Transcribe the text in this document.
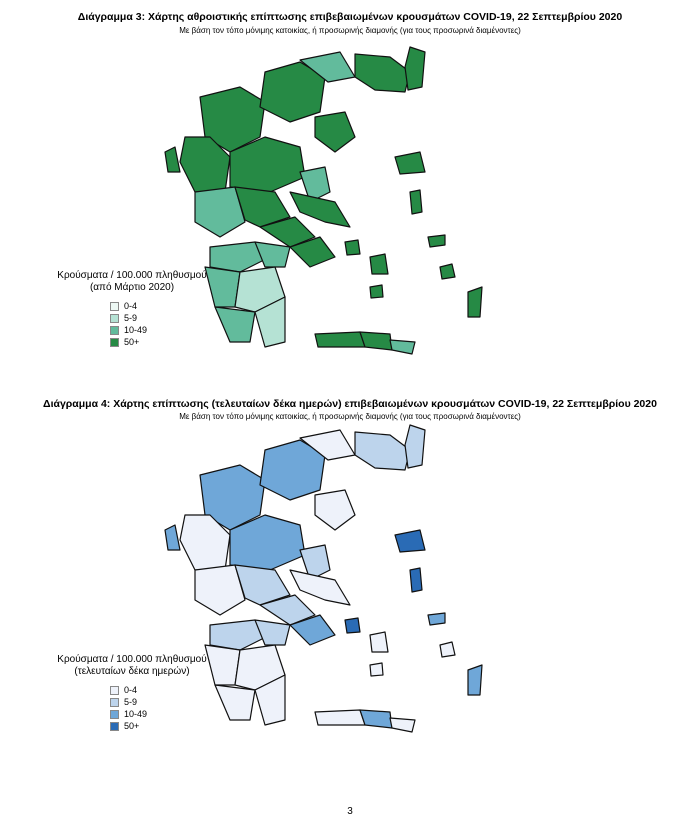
Διάγραμμα 3: Χάρτης αθροιστικής επίπτωσης επιβεβαιωμένων κρουσμάτων COVID-19, 22 Σεπτεμβρίου 2020
Με βάση τον τόπο μόνιμης κατοικίας, ή προσωρινής διαμονής (για τους προσωρινά διαμένοντες)
Κρούσματα / 100.000 πληθυσμού
(από Μάρτιο 2020)
0-4
5-9
10-49
50+
Διάγραμμα 4: Χάρτης επίπτωσης (τελευταίων δέκα ημερών) επιβεβαιωμένων κρουσμάτων COVID-19, 22 Σεπτεμβρίου 2020
Με βάση τον τόπο μόνιμης κατοικίας, ή προσωρινής διαμονής (για τους προσωρινά διαμένοντες)
Κρούσματα / 100.000 πληθυσμού
(τελευταίων δέκα ημερών)
0-4
5-9
10-49
50+
3
